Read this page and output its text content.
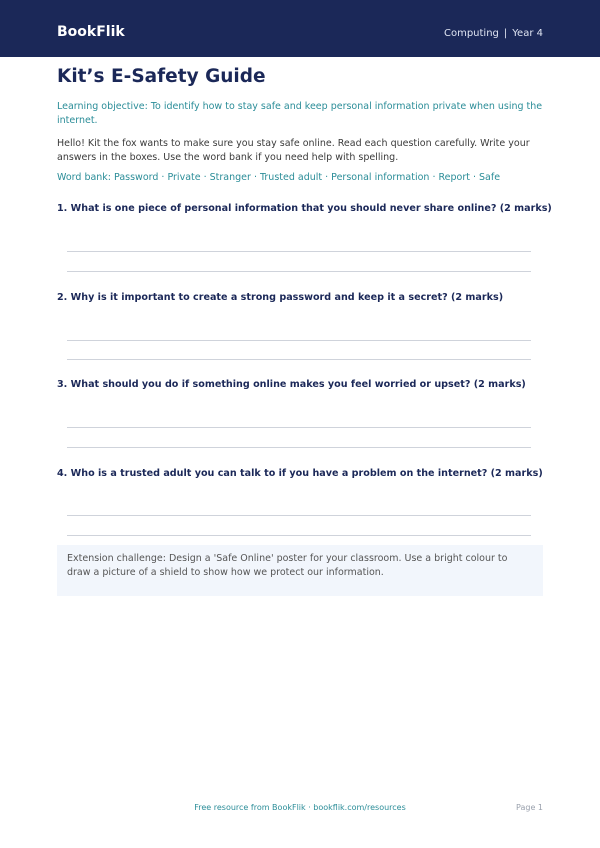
BookFlik	Computing | Year 4
Kit’s E-Safety Guide
Learning objective: To identify how to stay safe and keep personal information private when using the internet.
Hello! Kit the fox wants to make sure you stay safe online. Read each question carefully. Write your answers in the boxes. Use the word bank if you need help with spelling.
Word bank: Password · Private · Stranger · Trusted adult · Personal information · Report · Safe
1. What is one piece of personal information that you should never share online? (2 marks)
2. Why is it important to create a strong password and keep it a secret? (2 marks)
3. What should you do if something online makes you feel worried or upset? (2 marks)
4. Who is a trusted adult you can talk to if you have a problem on the internet? (2 marks)
Extension challenge: Design a 'Safe Online' poster for your classroom. Use a bright colour to draw a picture of a shield to show how we protect our information.
Free resource from BookFlik · bookflik.com/resources	Page 1
